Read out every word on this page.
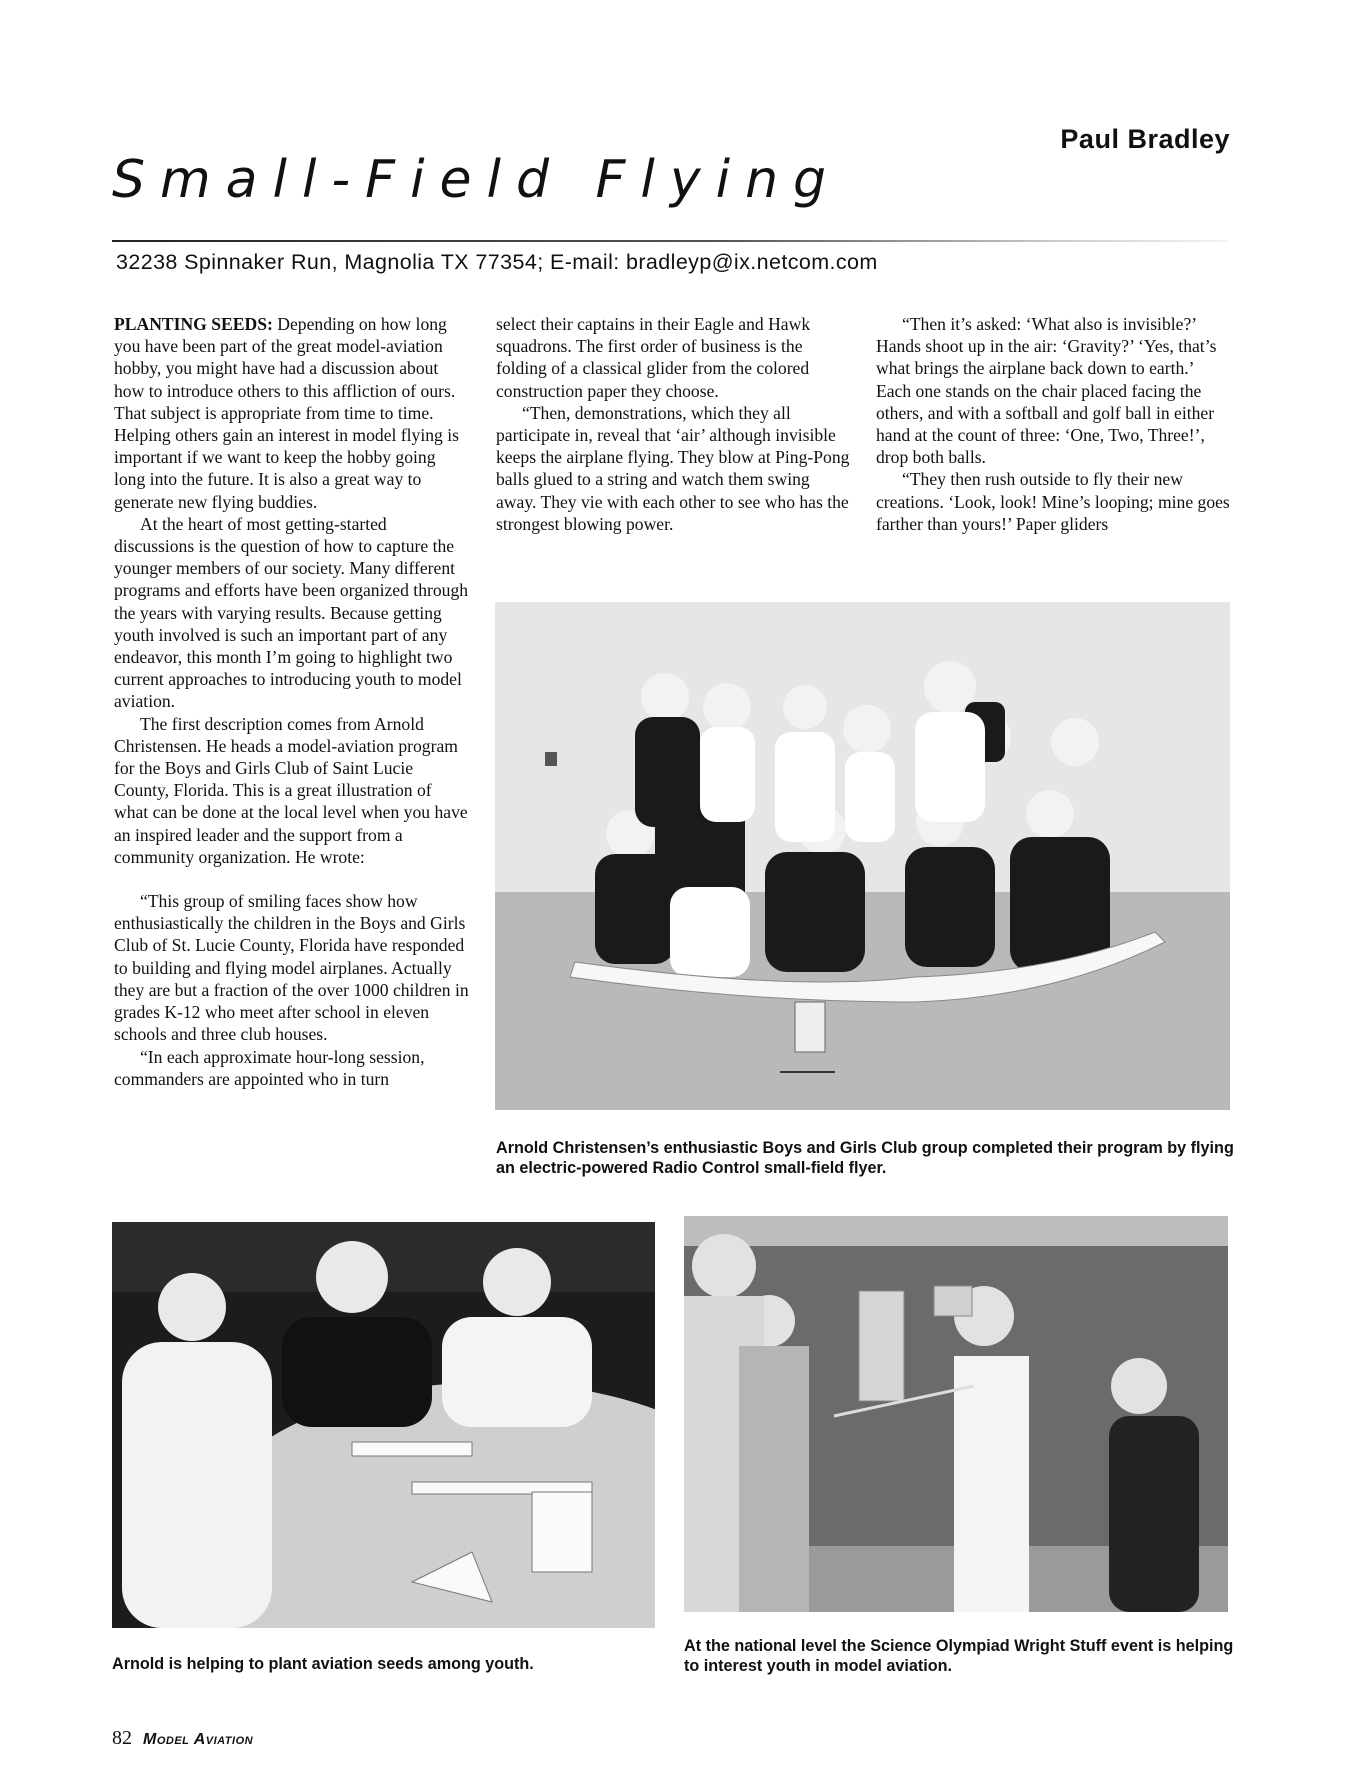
Paul Bradley
Small-Field Flying
32238 Spinnaker Run, Magnolia TX 77354; E-mail: bradleyp@ix.netcom.com

PLANTING SEEDS: Depending on how long you have been part of the great model-aviation hobby, you might have had a discussion about how to introduce others to this affliction of ours. That subject is appropriate from time to time. Helping others gain an interest in model flying is important if we want to keep the hobby going long into the future. It is also a great way to generate new flying buddies.

At the heart of most getting-started discussions is the question of how to capture the younger members of our society. Many different programs and efforts have been organized through the years with varying results. Because getting youth involved is such an important part of any endeavor, this month I’m going to highlight two current approaches to introducing youth to model aviation.

The first description comes from Arnold Christensen. He heads a model-aviation program for the Boys and Girls Club of Saint Lucie County, Florida. This is a great illustration of what can be done at the local level when you have an inspired leader and the support from a community organization. He wrote:

“This group of smiling faces show how enthusiastically the children in the Boys and Girls Club of St. Lucie County, Florida have responded to building and flying model airplanes. Actually they are but a fraction of the over 1000 children in grades K-12 who meet after school in eleven schools and three club houses.

“In each approximate hour-long session, commanders are appointed who in turn

select their captains in their Eagle and Hawk squadrons. The first order of business is the folding of a classical glider from the colored construction paper they choose.

“Then, demonstrations, which they all participate in, reveal that ‘air’ although invisible keeps the airplane flying. They blow at Ping-Pong balls glued to a string and watch them swing away. They vie with each other to see who has the strongest blowing power.

“Then it’s asked: ‘What also is invisible?’ Hands shoot up in the air: ‘Gravity?’ ‘Yes, that’s what brings the airplane back down to earth.’ Each one stands on the chair placed facing the others, and with a softball and golf ball in either hand at the count of three: ‘One, Two, Three!’, drop both balls.

“They then rush outside to fly their new creations. ‘Look, look! Mine’s looping; mine goes farther than yours!’ Paper gliders

Arnold Christensen’s enthusiastic Boys and Girls Club group completed their program by flying an electric-powered Radio Control small-field flyer.
Arnold is helping to plant aviation seeds among youth.
At the national level the Science Olympiad Wright Stuff event is helping to interest youth in model aviation.
82 Model Aviation
